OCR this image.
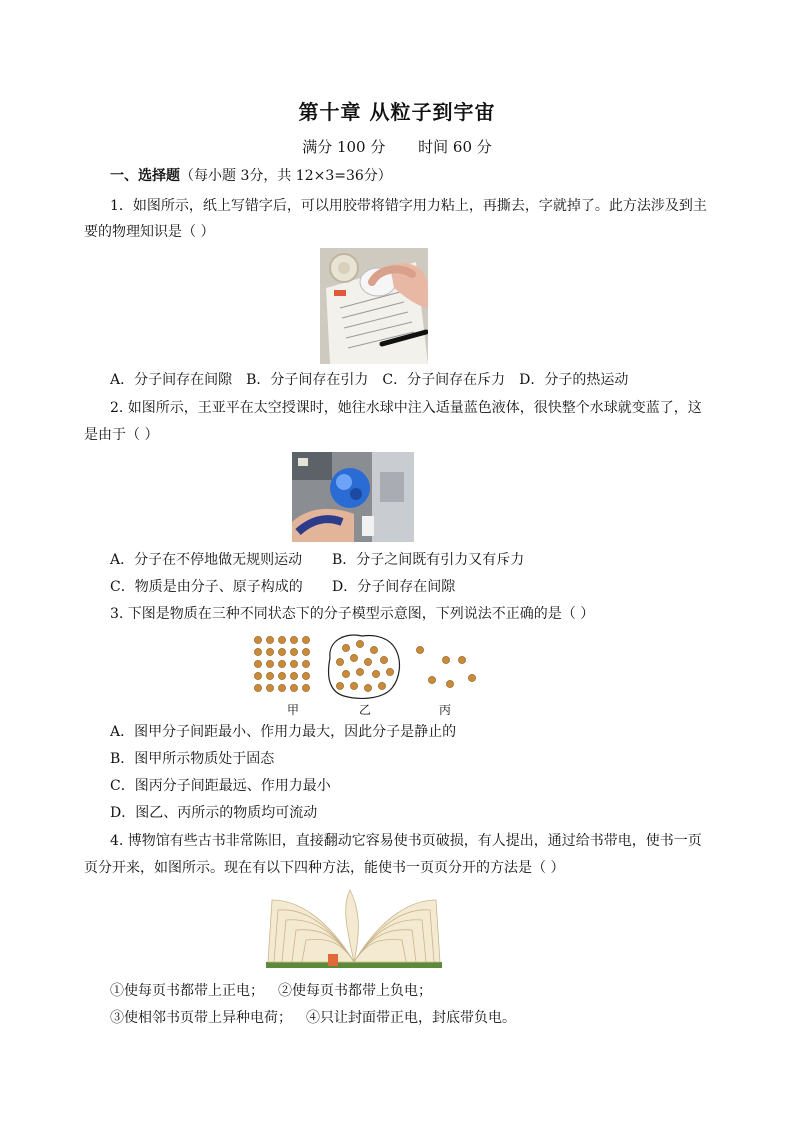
第十章 从粒子到宇宙
满分 100 分 时间 60 分
一、选择题（每小题 3分，共 12×3=36分）
1．如图所示，纸上写错字后，可以用胶带将错字用力粘上，再撕去，字就掉了。此方法涉及到主
要的物理知识是（ ）
A．分子间存在间隙 B．分子间存在引力 C．分子间存在斥力 D．分子的热运动
2. 如图所示，王亚平在太空授课时，她往水球中注入适量蓝色液体，很快整个水球就变蓝了，这
是由于（ ）
A．分子在不停地做无规则运动 B．分子之间既有引力又有斥力
C．物质是由分子、原子构成的 D．分子间存在间隙
3. 下图是物质在三种不同状态下的分子模型示意图，下列说法不正确的是（ ）
甲	乙	丙
A．图甲分子间距最小、作用力最大，因此分子是静止的
B．图甲所示物质处于固态
C．图丙分子间距最远、作用力最小
D．图乙、丙所示的物质均可流动
4. 博物馆有些古书非常陈旧，直接翻动它容易使书页破损，有人提出，通过给书带电，使书一页
页分开来，如图所示。现在有以下四种方法，能使书一页页分开的方法是（ ）
①使每页书都带上正电； ②使每页书都带上负电；
③使相邻书页带上异种电荷； ④只让封面带正电，封底带负电。
